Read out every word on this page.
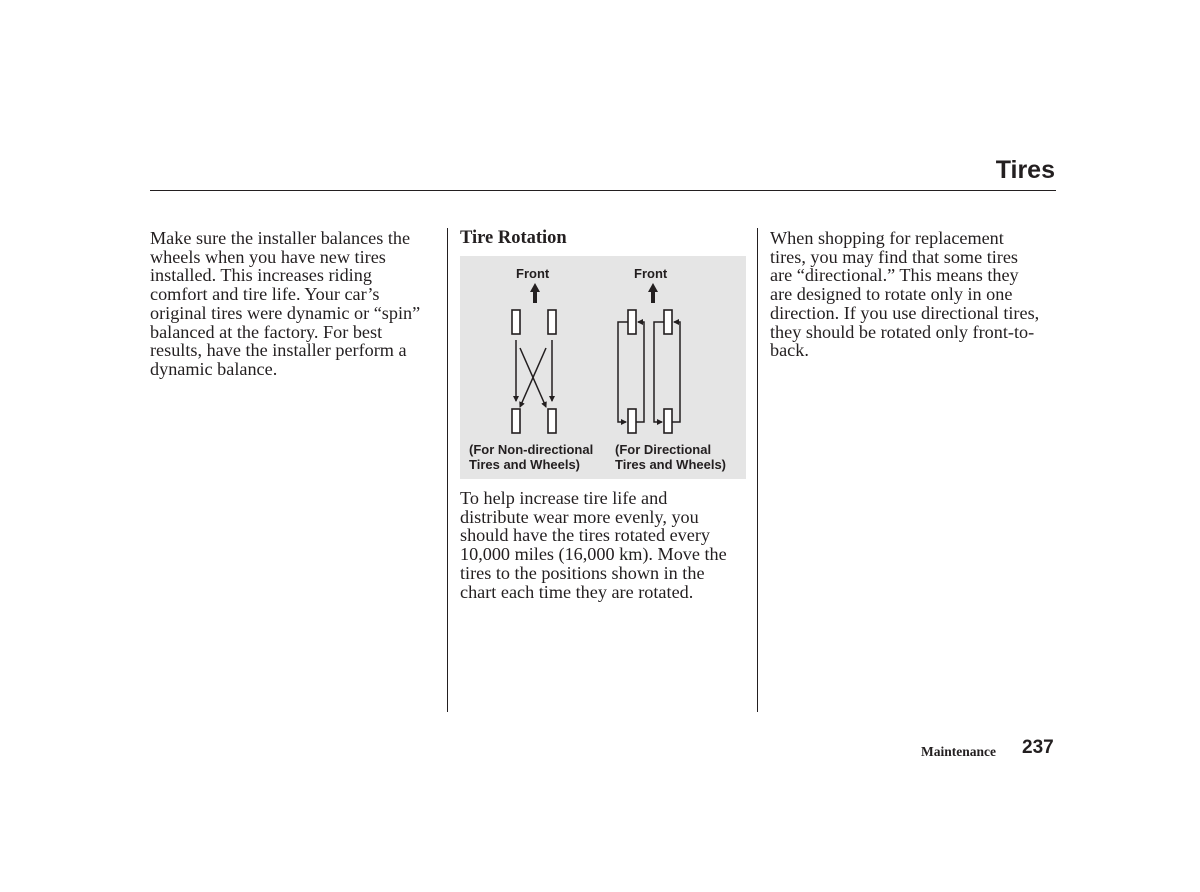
Tires

Make sure the installer balances the
wheels when you have new tires
installed. This increases riding
comfort and tire life. Your car’s
original tires were dynamic or “spin”
balanced at the factory. For best
results, have the installer perform a
dynamic balance.

Tire Rotation
Front	Front
(For Non-directional
Tires and Wheels)
(For Directional
Tires and Wheels)

To help increase tire life and
distribute wear more evenly, you
should have the tires rotated every
10,000 miles (16,000 km). Move the
tires to the positions shown in the
chart each time they are rotated.

When shopping for replacement
tires, you may find that some tires
are “directional.” This means they
are designed to rotate only in one
direction. If you use directional tires,
they should be rotated only front-to-
back.

Maintenance 237
